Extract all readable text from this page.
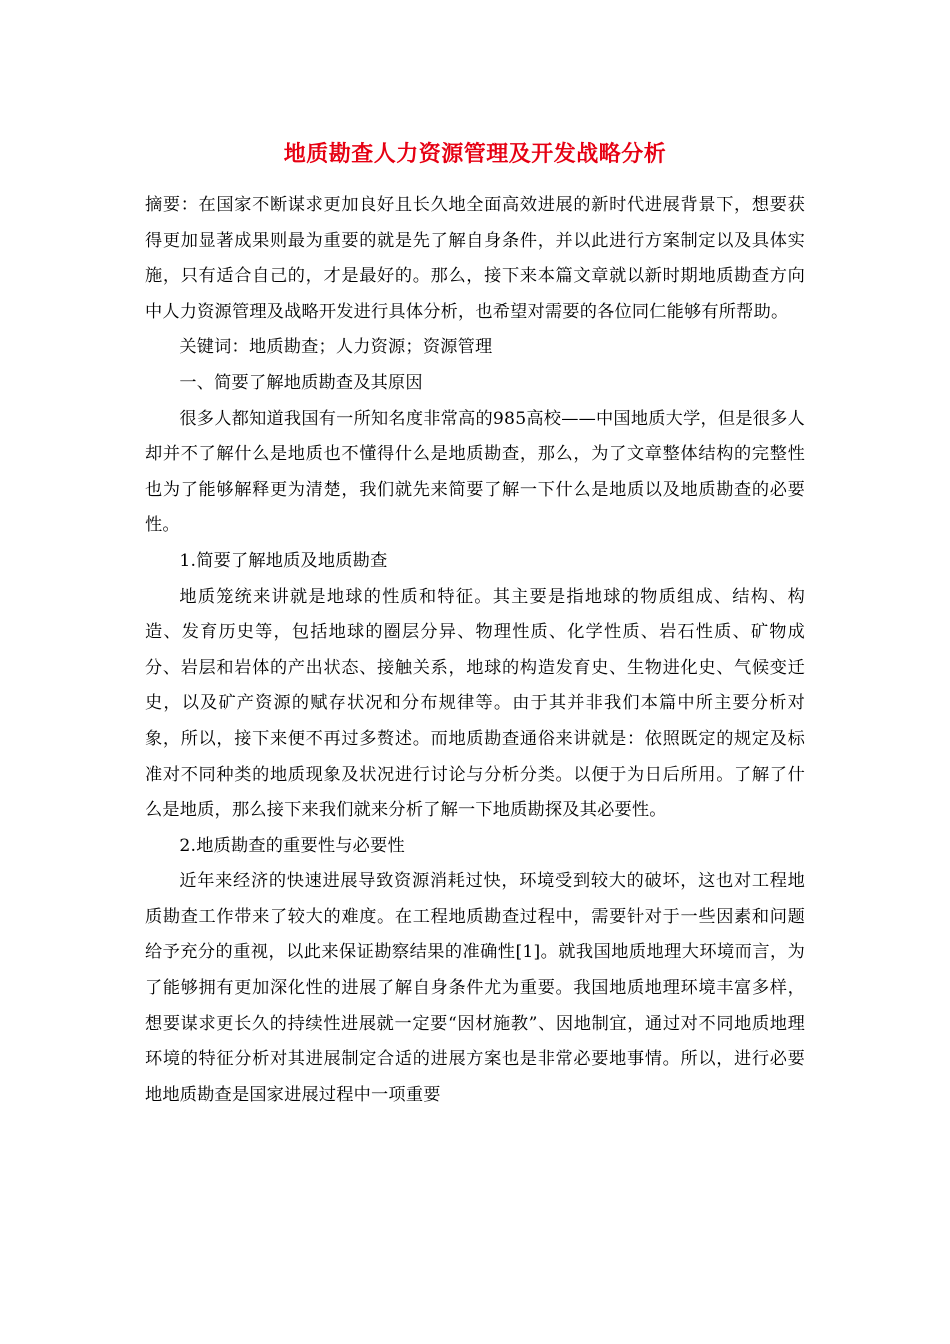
地质勘查人力资源管理及开发战略分析

摘要：在国家不断谋求更加良好且长久地全面高效进展的新时代进展背景下，想要获得更加显著成果则最为重要的就是先了解自身条件，并以此进行方案制定以及具体实施，只有适合自己的，才是最好的。那么，接下来本篇文章就以新时期地质勘查方向中人力资源管理及战略开发进行具体分析，也希望对需要的各位同仁能够有所帮助。

关键词：地质勘查；人力资源；资源管理

一、简要了解地质勘查及其原因

很多人都知道我国有一所知名度非常高的985高校——中国地质大学，但是很多人却并不了解什么是地质也不懂得什么是地质勘查，那么，为了文章整体结构的完整性也为了能够解释更为清楚，我们就先来简要了解一下什么是地质以及地质勘查的必要性。

1.简要了解地质及地质勘查

地质笼统来讲就是地球的性质和特征。其主要是指地球的物质组成、结构、构造、发育历史等，包括地球的圈层分异、物理性质、化学性质、岩石性质、矿物成分、岩层和岩体的产出状态、接触关系，地球的构造发育史、生物进化史、气候变迁史，以及矿产资源的赋存状况和分布规律等。由于其并非我们本篇中所主要分析对象，所以，接下来便不再过多赘述。而地质勘查通俗来讲就是：依照既定的规定及标准对不同种类的地质现象及状况进行讨论与分析分类。以便于为日后所用。了解了什么是地质，那么接下来我们就来分析了解一下地质勘探及其必要性。

2.地质勘查的重要性与必要性

近年来经济的快速进展导致资源消耗过快，环境受到较大的破坏，这也对工程地质勘查工作带来了较大的难度。在工程地质勘查过程中，需要针对于一些因素和问题给予充分的重视，以此来保证勘察结果的准确性[1]。就我国地质地理大环境而言，为了能够拥有更加深化性的进展了解自身条件尤为重要。我国地质地理环境丰富多样，想要谋求更长久的持续性进展就一定要“因材施教”、因地制宜，通过对不同地质地理环境的特征分析对其进展制定合适的进展方案也是非常必要地事情。所以，进行必要地地质勘查是国家进展过程中一项重要
